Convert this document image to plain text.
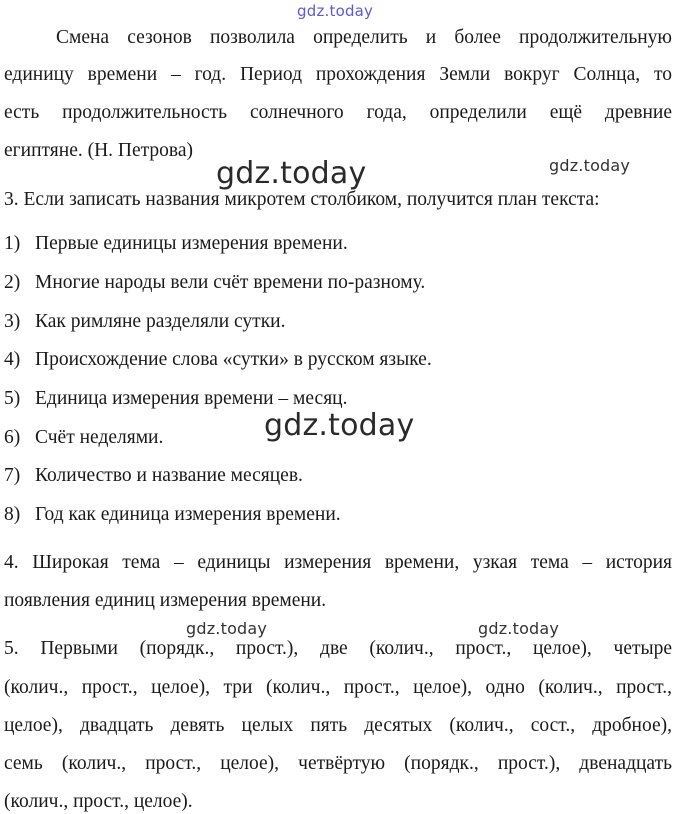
gdz.today
Смена сезонов позволила определить и более продолжительную
единицу времени – год. Период прохождения Земли вокруг Солнца, то
есть продолжительность солнечного года, определили ещё древние
египтяне. (Н. Петрова)
gdz.today	gdz.today
3. Если записать названия микротем столбиком, получится план текста:
1) Первые единицы измерения времени.
2) Многие народы вели счёт времени по-разному.
3) Как римляне разделяли сутки.
4) Происхождение слова «сутки» в русском языке.
5) Единица измерения времени – месяц.
gdz.today
6) Счёт неделями.
7) Количество и название месяцев.
8) Год как единица измерения времени.
4. Широкая тема – единицы измерения времени, узкая тема – история
появления единиц измерения времени.
gdz.today	gdz.today
5. Первыми (порядк., прост.), две (колич., прост., целое), четыре
(колич., прост., целое), три (колич., прост., целое), одно (колич., прост.,
целое), двадцать девять целых пять десятых (колич., сост., дробное),
семь (колич., прост., целое), четвёртую (порядк., прост.), двенадцать
(колич., прост., целое).
